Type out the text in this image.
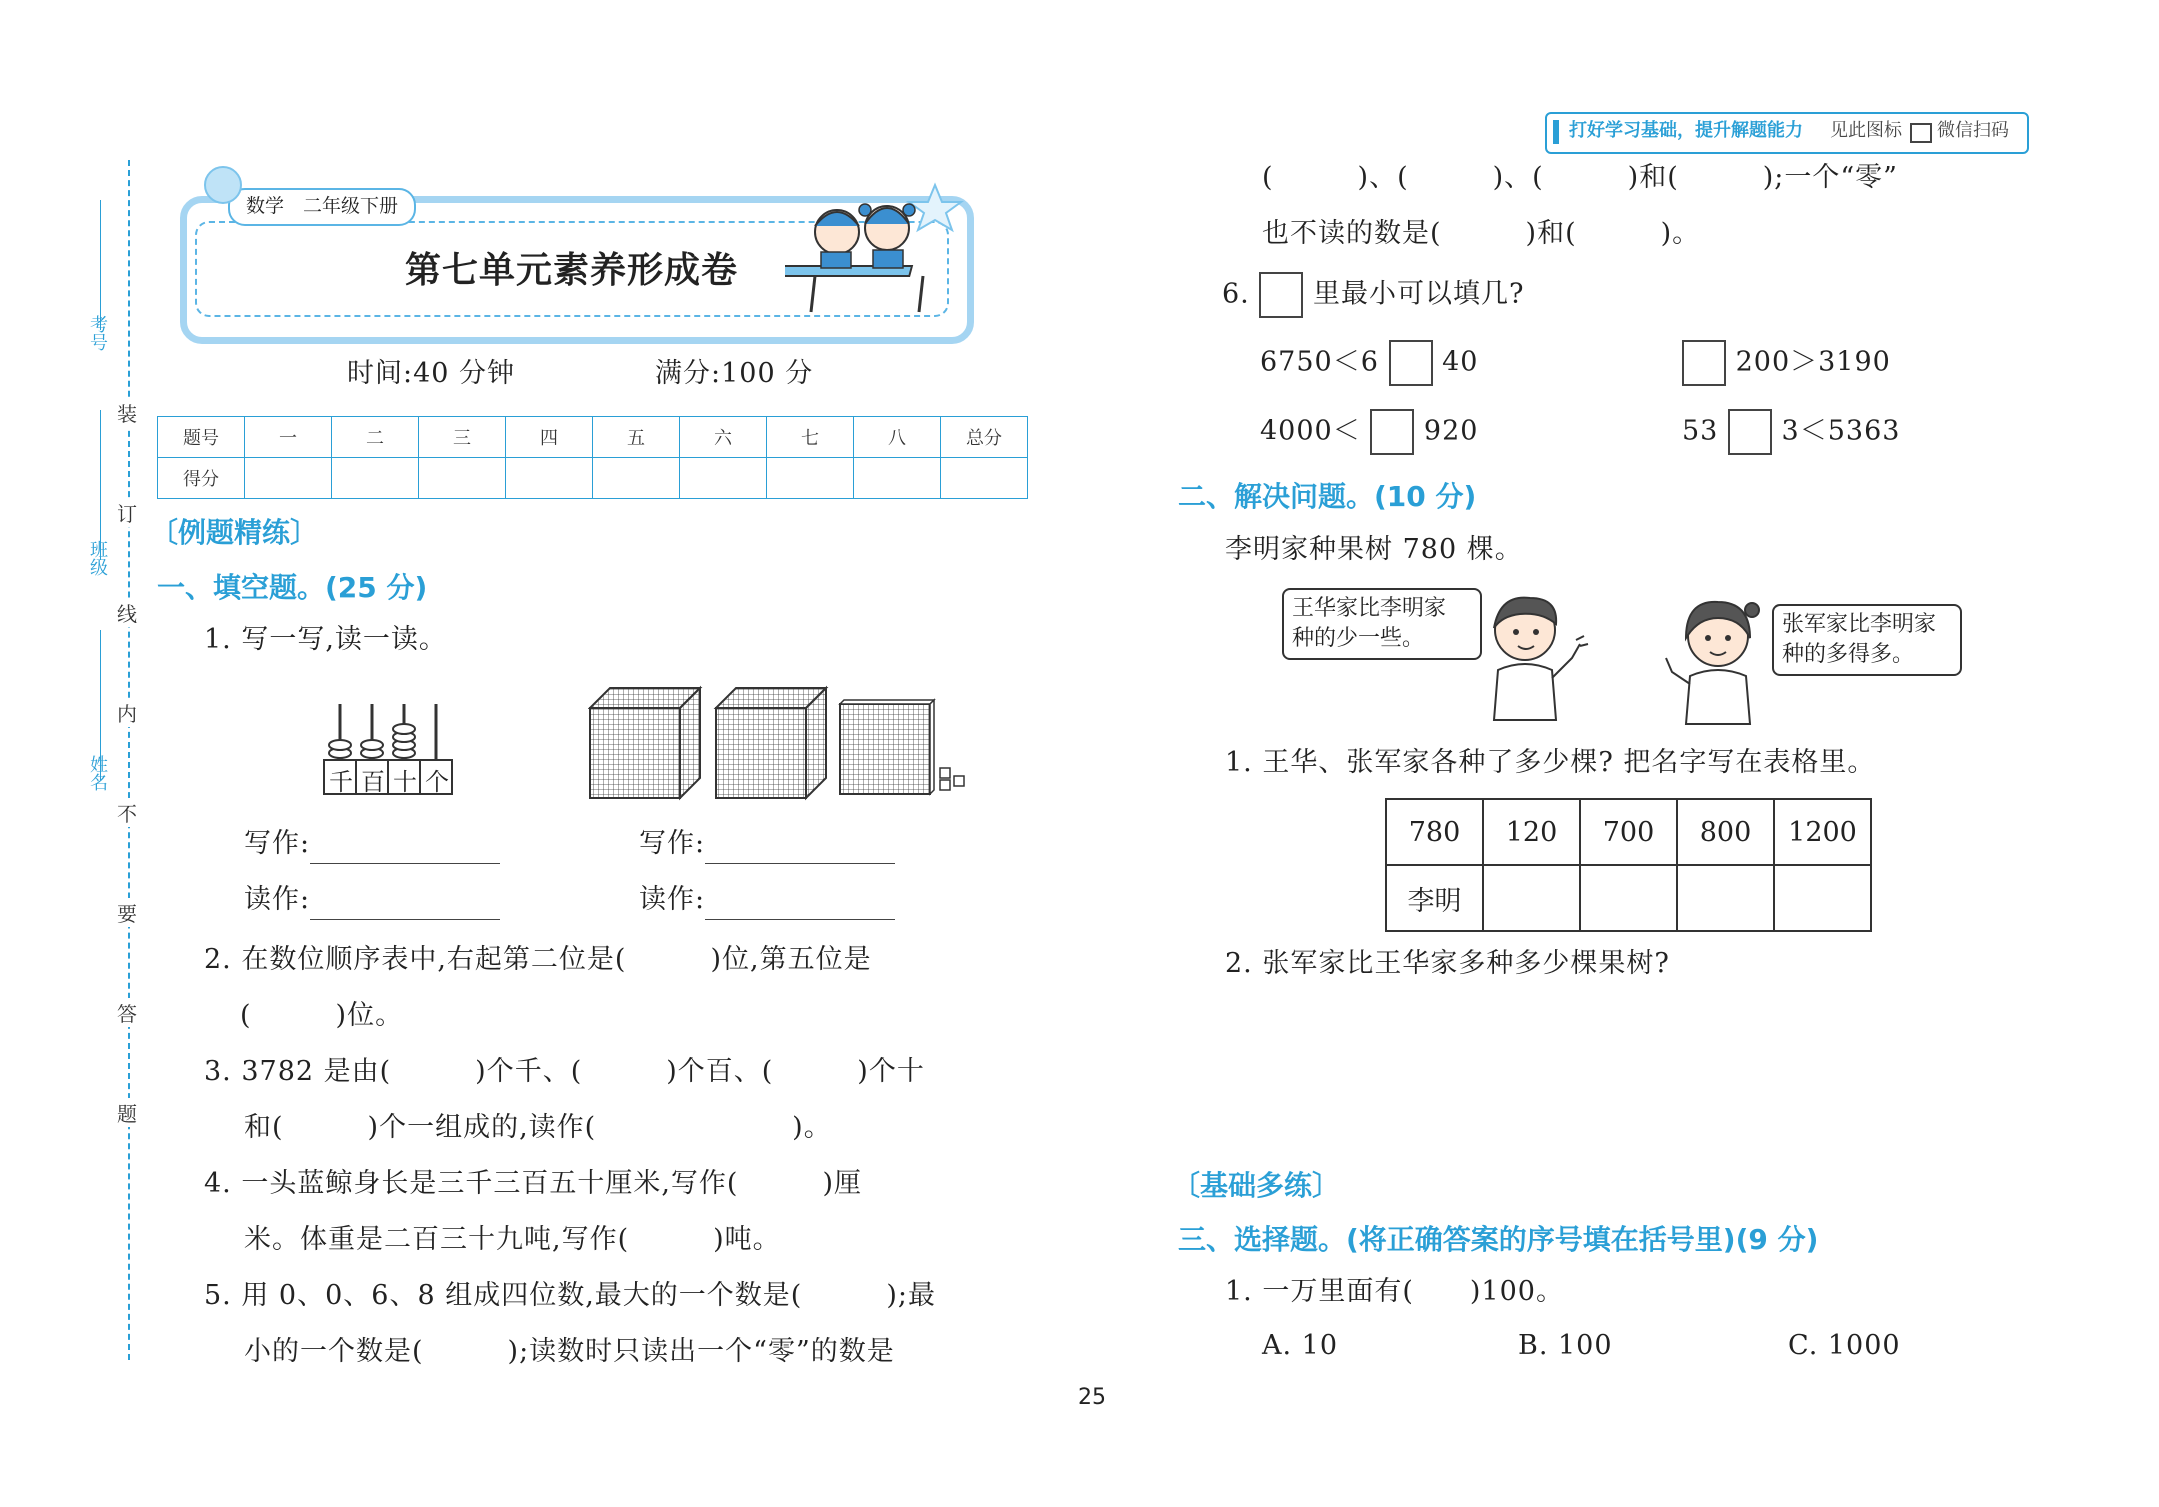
考号
班级
姓名
装
订
线
内
不
要
答
题
打好学习基础，提升解题能力 见此图标 微信扫码
数学　二年级下册
第七单元素养形成卷
时间:40 分钟	满分:100 分
题号	一	二	三	四	五	六	七	八	总分
得分									
〔例题精练〕
一、填空题。(25 分)
1. 写一写,读一读。
千 百 十 个
写作:	写作:
读作:	读作:
2. 在数位顺序表中,右起第二位是(　　　)位,第五位是
(　　　)位。
3. 3782 是由(　　　)个千、(　　　)个百、(　　　)个十
和(　　　)个一组成的,读作(　　　　　　　)。
4. 一头蓝鲸身长是三千三百五十厘米,写作(　　　)厘
米。体重是二百三十九吨,写作(　　　)吨。
5. 用 0、0、6、8 组成四位数,最大的一个数是(　　　);最
小的一个数是(　　　);读数时只读出一个“零”的数是
(　　　)、(　　　)、(　　　)和(　　　);一个“零”
也不读的数是(　　　)和(　　　)。
6. 里最小可以填几?
6750＜6 40	200＞3190
4000＜ 920	53 3＜5363
二、解决问题。(10 分)
李明家种果树 780 棵。
王华家比李明家
种的少一些。
张军家比李明家
种的多得多。
1. 王华、张军家各种了多少棵? 把名字写在表格里。
780	120	700	800	1200
李明				
2. 张军家比王华家多种多少棵果树?
〔基础多练〕
三、选择题。(将正确答案的序号填在括号里)(9 分)
1. 一万里面有(　　)100。
A. 10	B. 100	C. 1000
25
